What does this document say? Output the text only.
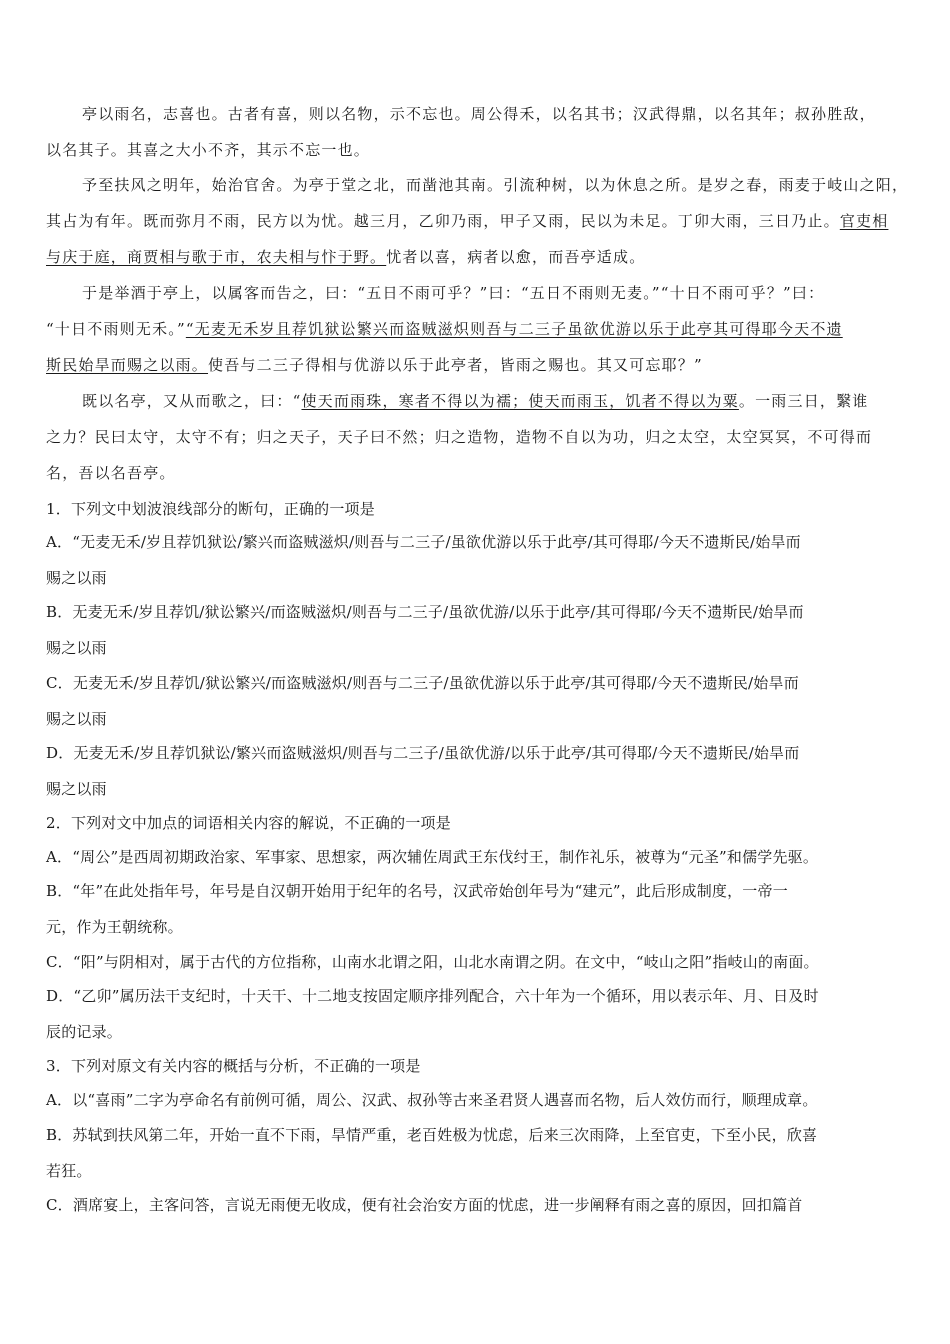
亭以雨名，志喜也。古者有喜，则以名物，示不忘也。周公得禾，以名其书；汉武得鼎，以名其年；叔孙胜敌，
以名其子。其喜之大小不齐，其示不忘一也。
予至扶风之明年，始治官舍。为亭于堂之北，而凿池其南。引流种树，以为休息之所。是岁之春，雨麦于岐山之阳，
其占为有年。既而弥月不雨，民方以为忧。越三月，乙卯乃雨，甲子又雨，民以为未足。丁卯大雨，三日乃止。官吏相
与庆于庭，商贾相与歌于市，农夫相与忭于野。忧者以喜，病者以愈，而吾亭适成。
于是举酒于亭上，以属客而告之，曰：“五日不雨可乎？”曰：“五日不雨则无麦。”“十日不雨可乎？”曰：
“十日不雨则无禾。”“无麦无禾岁且荐饥狱讼繁兴而盗贼滋炽则吾与二三子虽欲优游以乐于此亭其可得耶今天不遗
斯民始旱而赐之以雨。使吾与二三子得相与优游以乐于此亭者，皆雨之赐也。其又可忘耶？”
既以名亭，又从而歌之，曰：“使天而雨珠，寒者不得以为襦；使天而雨玉，饥者不得以为粟。一雨三日，繄谁
之力？民曰太守，太守不有；归之天子，天子曰不然；归之造物，造物不自以为功，归之太空，太空冥冥，不可得而
名，吾以名吾亭。
1．下列文中划波浪线部分的断句，正确的一项是
A．“无麦无禾/岁且荐饥狱讼/繁兴而盗贼滋炽/则吾与二三子/虽欲优游以乐于此亭/其可得耶/今天不遗斯民/始旱而
赐之以雨
B．无麦无禾/岁且荐饥/狱讼繁兴/而盗贼滋炽/则吾与二三子/虽欲优游/以乐于此亭/其可得耶/今天不遗斯民/始旱而
赐之以雨
C．无麦无禾/岁且荐饥/狱讼繁兴/而盗贼滋炽/则吾与二三子/虽欲优游以乐于此亭/其可得耶/今天不遗斯民/始旱而
赐之以雨
D．无麦无禾/岁且荐饥狱讼/繁兴而盗贼滋炽/则吾与二三子/虽欲优游/以乐于此亭/其可得耶/今天不遗斯民/始旱而
赐之以雨
2．下列对文中加点的词语相关内容的解说，不正确的一项是
A．“周公”是西周初期政治家、军事家、思想家，两次辅佐周武王东伐纣王，制作礼乐，被尊为“元圣”和儒学先驱。
B．“年”在此处指年号，年号是自汉朝开始用于纪年的名号，汉武帝始创年号为“建元”，此后形成制度，一帝一
元，作为王朝统称。
C．“阳”与阴相对，属于古代的方位指称，山南水北谓之阳，山北水南谓之阴。在文中，“岐山之阳”指岐山的南面。
D．“乙卯”属历法干支纪时，十天干、十二地支按固定顺序排列配合，六十年为一个循环，用以表示年、月、日及时
辰的记录。
3．下列对原文有关内容的概括与分析，不正确的一项是
A．以“喜雨”二字为亭命名有前例可循，周公、汉武、叔孙等古来圣君贤人遇喜而名物，后人效仿而行，顺理成章。
B．苏轼到扶风第二年，开始一直不下雨，旱情严重，老百姓极为忧虑，后来三次雨降，上至官吏，下至小民，欣喜
若狂。
C．酒席宴上，主客问答，言说无雨便无收成，便有社会治安方面的忧虑，进一步阐释有雨之喜的原因，回扣篇首
